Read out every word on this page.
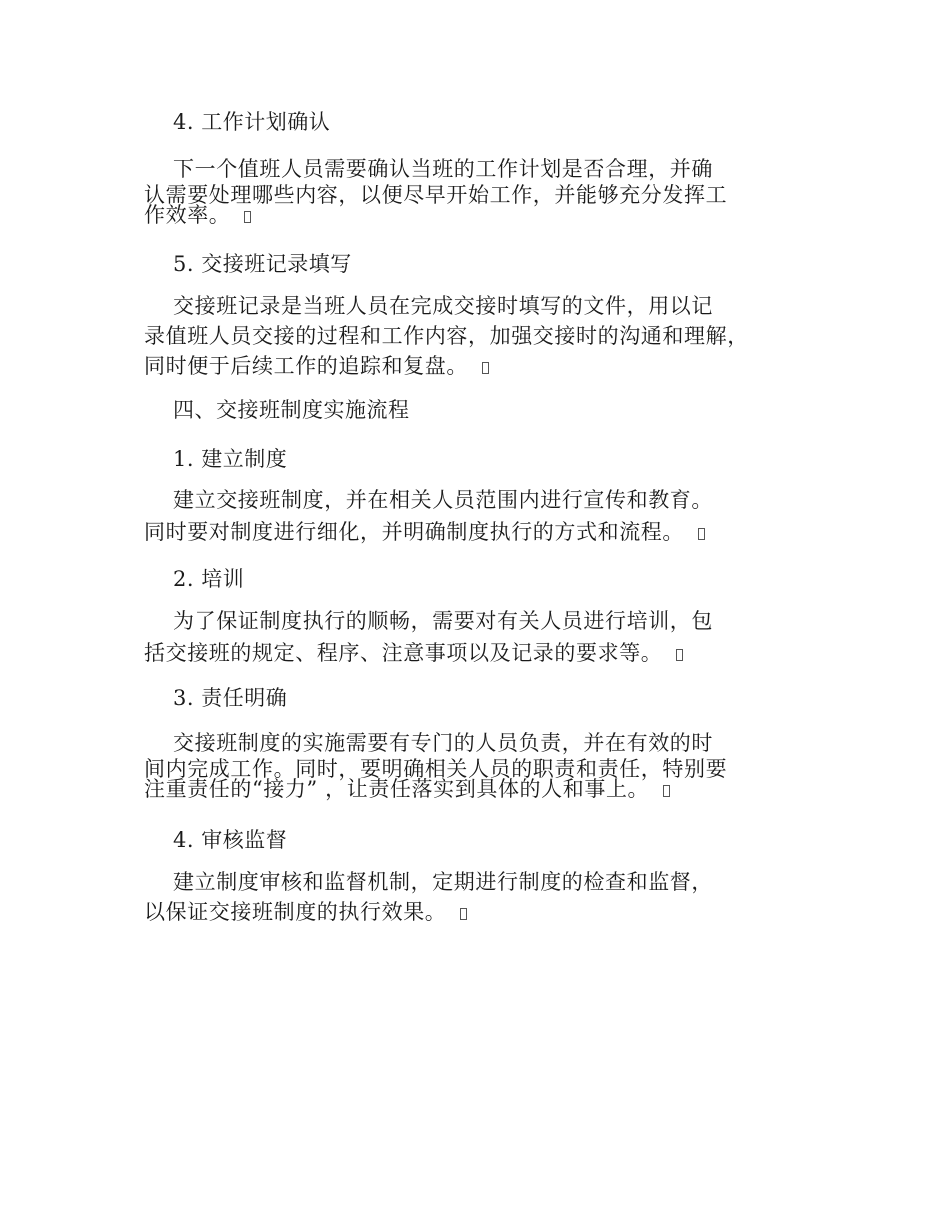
4. 工作计划确认
下一个值班人员需要确认当班的工作计划是否合理，并确
认需要处理哪些内容，以便尽早开始工作，并能够充分发挥工
作效率。
5. 交接班记录填写
交接班记录是当班人员在完成交接时填写的文件，用以记
录值班人员交接的过程和工作内容，加强交接时的沟通和理解，
同时便于后续工作的追踪和复盘。
四、交接班制度实施流程
1. 建立制度
建立交接班制度，并在相关人员范围内进行宣传和教育。
同时要对制度进行细化，并明确制度执行的方式和流程。
2. 培训
为了保证制度执行的顺畅，需要对有关人员进行培训，包
括交接班的规定、程序、注意事项以及记录的要求等。
3. 责任明确
交接班制度的实施需要有专门的人员负责，并在有效的时
间内完成工作。同时，要明确相关人员的职责和责任，特别要
注重责任的“接力” ，让责任落实到具体的人和事上。
4. 审核监督
建立制度审核和监督机制，定期进行制度的检查和监督，
以保证交接班制度的执行效果。
